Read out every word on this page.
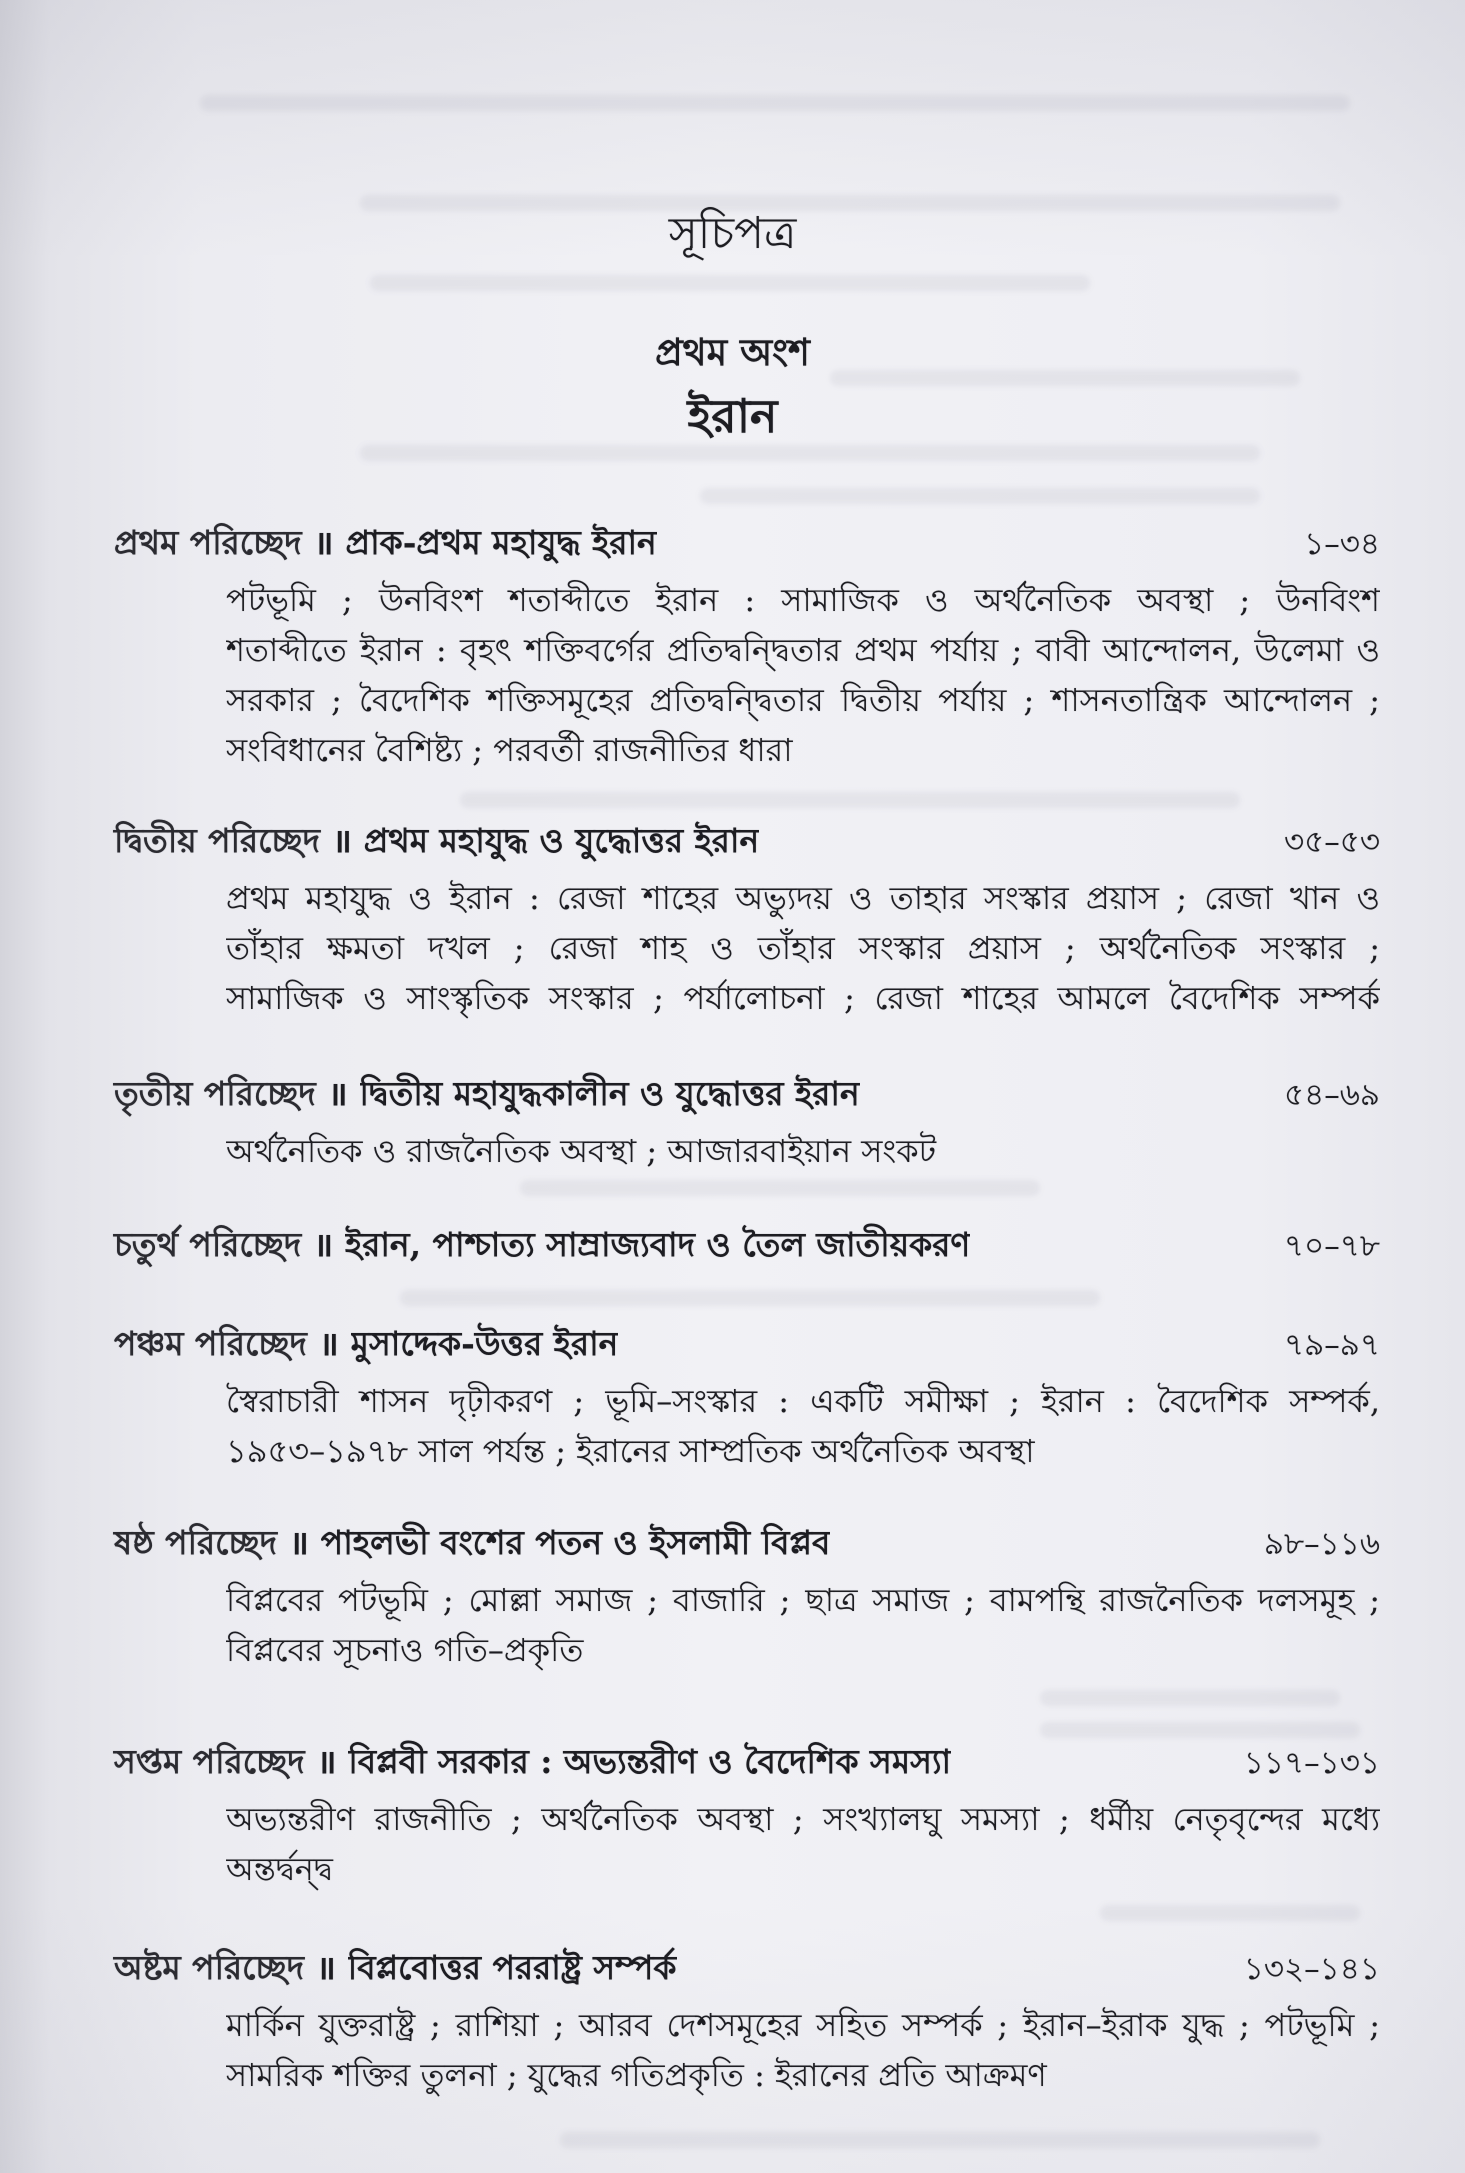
সূচিপত্র
প্রথম অংশ
ইরান
প্রথম পরিচ্ছেদ ॥ প্রাক-প্রথম মহাযুদ্ধ ইরান	১–৩৪
পটভূমি ; উনবিংশ শতাব্দীতে ইরান : সামাজিক ও অর্থনৈতিক অবস্থা ; উনবিংশ
শতাব্দীতে ইরান : বৃহৎ শক্তিবর্গের প্রতিদ্বন্দ্বিতার প্রথম পর্যায় ; বাবী আন্দোলন, উলেমা ও
সরকার ; বৈদেশিক শক্তিসমূহের প্রতিদ্বন্দ্বিতার দ্বিতীয় পর্যায় ; শাসনতান্ত্রিক আন্দোলন ;
সংবিধানের বৈশিষ্ট্য ; পরবর্তী রাজনীতির ধারা
দ্বিতীয় পরিচ্ছেদ ॥ প্রথম মহাযুদ্ধ ও যুদ্ধোত্তর ইরান	৩৫–৫৩
প্রথম মহাযুদ্ধ ও ইরান : রেজা শাহের অভ্যুদয় ও তাহার সংস্কার প্রয়াস ; রেজা খান ও
তাঁহার ক্ষমতা দখল ; রেজা শাহ ও তাঁহার সংস্কার প্রয়াস ; অর্থনৈতিক সংস্কার ;
সামাজিক ও সাংস্কৃতিক সংস্কার ; পর্যালোচনা ; রেজা শাহের আমলে বৈদেশিক সম্পর্ক
তৃতীয় পরিচ্ছেদ ॥ দ্বিতীয় মহাযুদ্ধকালীন ও যুদ্ধোত্তর ইরান	৫৪–৬৯
অর্থনৈতিক ও রাজনৈতিক অবস্থা ; আজারবাইয়ান সংকট
চতুর্থ পরিচ্ছেদ ॥ ইরান, পাশ্চাত্য সাম্রাজ্যবাদ ও তৈল জাতীয়করণ	৭০–৭৮
পঞ্চম পরিচ্ছেদ ॥ মুসাদ্দেক-উত্তর ইরান	৭৯–৯৭
স্বৈরাচারী শাসন দৃঢ়ীকরণ ; ভূমি–সংস্কার : একটি সমীক্ষা ; ইরান : বৈদেশিক সম্পর্ক,
১৯৫৩–১৯৭৮ সাল পর্যন্ত ; ইরানের সাম্প্রতিক অর্থনৈতিক অবস্থা
ষষ্ঠ পরিচ্ছেদ ॥ পাহলভী বংশের পতন ও ইসলামী বিপ্লব	৯৮–১১৬
বিপ্লবের পটভূমি ; মোল্লা সমাজ ; বাজারি ; ছাত্র সমাজ ; বামপন্থি রাজনৈতিক দলসমূহ ;
বিপ্লবের সূচনাও গতি–প্রকৃতি
সপ্তম পরিচ্ছেদ ॥ বিপ্লবী সরকার : অভ্যন্তরীণ ও বৈদেশিক সমস্যা	১১৭–১৩১
অভ্যন্তরীণ রাজনীতি ; অর্থনৈতিক অবস্থা ; সংখ্যালঘু সমস্যা ; ধর্মীয় নেতৃবৃন্দের মধ্যে
অন্তর্দ্বন্দ্ব
অষ্টম পরিচ্ছেদ ॥ বিপ্লবোত্তর পররাষ্ট্র সম্পর্ক	১৩২–১৪১
মার্কিন যুক্তরাষ্ট্র ; রাশিয়া ; আরব দেশসমূহের সহিত সম্পর্ক ; ইরান–ইরাক যুদ্ধ ; পটভূমি ;
সামরিক শক্তির তুলনা ; যুদ্ধের গতিপ্রকৃতি : ইরানের প্রতি আক্রমণ
